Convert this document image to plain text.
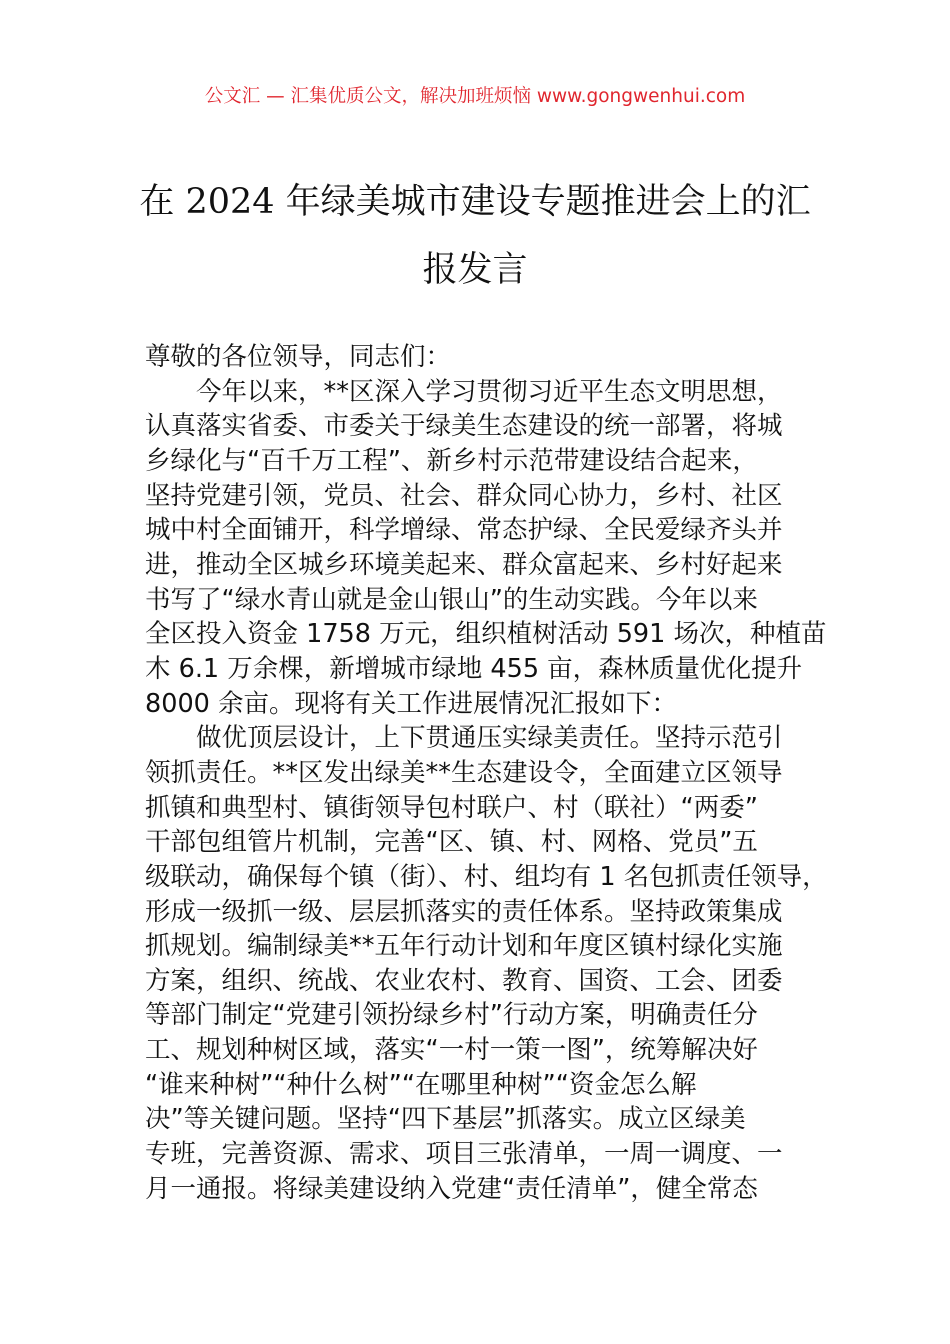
公文汇 — 汇集优质公文，解决加班烦恼 www.gongwenhui.com
在 2024 年绿美城市建设专题推进会上的汇
报发言
尊敬的各位领导，同志们：
　　今年以来，**区深入学习贯彻习近平生态文明思想，
认真落实省委、市委关于绿美生态建设的统一部署，将城
乡绿化与“百千万工程”、新乡村示范带建设结合起来，
坚持党建引领，党员、社会、群众同心协力，乡村、社区
城中村全面铺开，科学增绿、常态护绿、全民爱绿齐头并
进，推动全区城乡环境美起来、群众富起来、乡村好起来
书写了“绿水青山就是金山银山”的生动实践。今年以来
全区投入资金 1758 万元，组织植树活动 591 场次，种植苗
木 6.1 万余棵，新增城市绿地 455 亩，森林质量优化提升
8000 余亩。现将有关工作进展情况汇报如下：
　　做优顶层设计，上下贯通压实绿美责任。坚持示范引
领抓责任。**区发出绿美**生态建设令，全面建立区领导
抓镇和典型村、镇街领导包村联户、村（联社）“两委”
干部包组管片机制，完善“区、镇、村、网格、党员”五
级联动，确保每个镇（街）、村、组均有 1 名包抓责任领导，
形成一级抓一级、层层抓落实的责任体系。坚持政策集成
抓规划。编制绿美**五年行动计划和年度区镇村绿化实施
方案，组织、统战、农业农村、教育、国资、工会、团委
等部门制定“党建引领扮绿乡村”行动方案，明确责任分
工、规划种树区域，落实“一村一策一图”，统筹解决好
“谁来种树”“种什么树”“在哪里种树”“资金怎么解
决”等关键问题。坚持“四下基层”抓落实。成立区绿美
专班，完善资源、需求、项目三张清单，一周一调度、一
月一通报。将绿美建设纳入党建“责任清单”，健全常态
